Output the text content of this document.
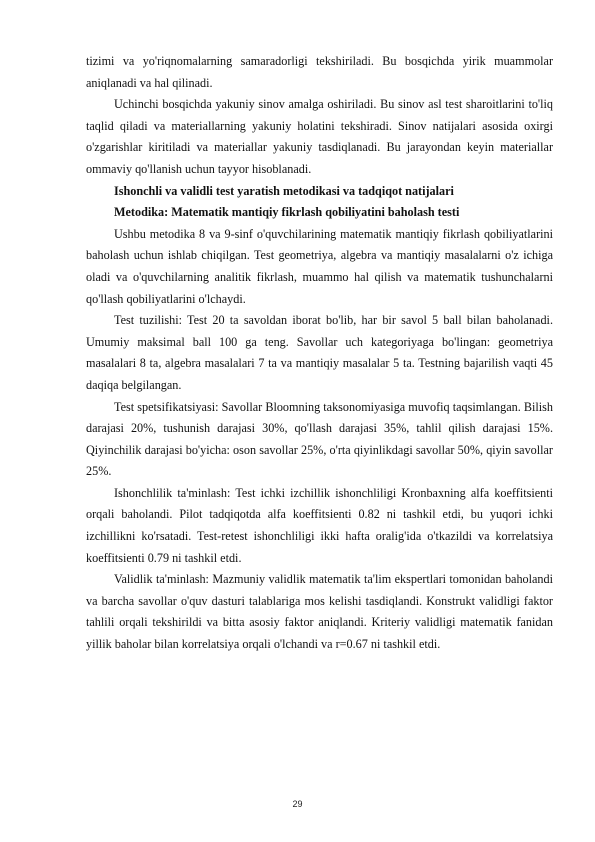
tizimi va yo'riqnomalarning samaradorligi tekshiriladi. Bu bosqichda yirik muammolar aniqlanadi va hal qilinadi.

Uchinchi bosqichda yakuniy sinov amalga oshiriladi. Bu sinov asl test sharoitlarini to'liq taqlid qiladi va materiallarning yakuniy holatini tekshiradi. Sinov natijalari asosida oxirgi o'zgarishlar kiritiladi va materiallar yakuniy tasdiqlanadi. Bu jarayondan keyin materiallar ommaviy qo'llanish uchun tayyor hisoblanadi.

Ishonchli va validli test yaratish metodikasi va tadqiqot natijalari

Metodika: Matematik mantiqiy fikrlash qobiliyatini baholash testi

Ushbu metodika 8 va 9-sinf o'quvchilarining matematik mantiqiy fikrlash qobiliyatlarini baholash uchun ishlab chiqilgan. Test geometriya, algebra va mantiqiy masalalarni o'z ichiga oladi va o'quvchilarning analitik fikrlash, muammo hal qilish va matematik tushunchalarni qo'llash qobiliyatlarini o'lchaydi.

Test tuzilishi: Test 20 ta savoldan iborat bo'lib, har bir savol 5 ball bilan baholanadi. Umumiy maksimal ball 100 ga teng. Savollar uch kategoriyaga bo'lingan: geometriya masalalari 8 ta, algebra masalalari 7 ta va mantiqiy masalalar 5 ta. Testning bajarilish vaqti 45 daqiqa belgilangan.

Test spetsifikatsiyasi: Savollar Bloomning taksonomiyasiga muvofiq taqsimlangan. Bilish darajasi 20%, tushunish darajasi 30%, qo'llash darajasi 35%, tahlil qilish darajasi 15%. Qiyinchilik darajasi bo'yicha: oson savollar 25%, o'rta qiyinlikdagi savollar 50%, qiyin savollar 25%.

Ishonchlilik ta'minlash: Test ichki izchillik ishonchliligi Kronbaxning alfa koeffitsienti orqali baholandi. Pilot tadqiqotda alfa koeffitsienti 0.82 ni tashkil etdi, bu yuqori ichki izchillikni ko'rsatadi. Test-retest ishonchliligi ikki hafta oralig'ida o'tkazildi va korrelatsiya koeffitsienti 0.79 ni tashkil etdi.

Validlik ta'minlash: Mazmuniy validlik matematik ta'lim ekspertlari tomonidan baholandi va barcha savollar o'quv dasturi talablariga mos kelishi tasdiqlandi. Konstrukt validligi faktor tahlili orqali tekshirildi va bitta asosiy faktor aniqlandi. Kriteriy validligi matematik fanidan yillik baholar bilan korrelatsiya orqali o'lchandi va r=0.67 ni tashkil etdi.

29
